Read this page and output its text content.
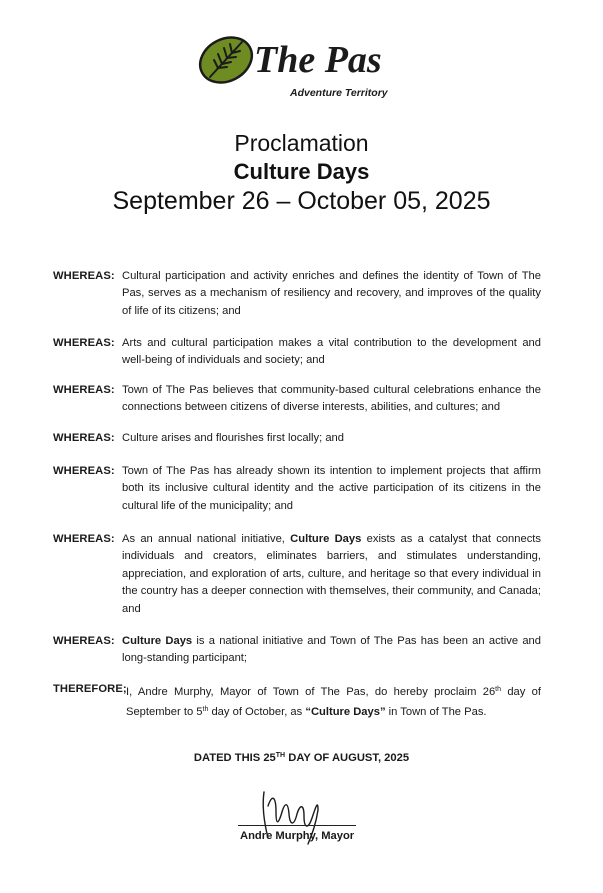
The Pas
Adventure Territory
Proclamation
Culture Days
September 26 – October 05, 2025
WHEREAS: Cultural participation and activity enriches and defines the identity of Town of The Pas, serves as a mechanism of resiliency and recovery, and improves of the quality of life of its citizens; and
WHEREAS: Arts and cultural participation makes a vital contribution to the development and well-being of individuals and society; and
WHEREAS: Town of The Pas believes that community-based cultural celebrations enhance the connections between citizens of diverse interests, abilities, and cultures; and
WHEREAS: Culture arises and flourishes first locally; and
WHEREAS: Town of The Pas has already shown its intention to implement projects that affirm both its inclusive cultural identity and the active participation of its citizens in the cultural life of the municipality; and
WHEREAS: As an annual national initiative, Culture Days exists as a catalyst that connects individuals and creators, eliminates barriers, and stimulates understanding, appreciation, and exploration of arts, culture, and heritage so that every individual in the country has a deeper connection with themselves, their community, and Canada; and
WHEREAS: Culture Days is a national initiative and Town of The Pas has been an active and long-standing participant;
THEREFORE; I, Andre Murphy, Mayor of Town of The Pas, do hereby proclaim 26th day of September to 5th day of October, as “Culture Days” in Town of The Pas.
DATED THIS 25TH DAY OF AUGUST, 2025
Andre Murphy, Mayor
